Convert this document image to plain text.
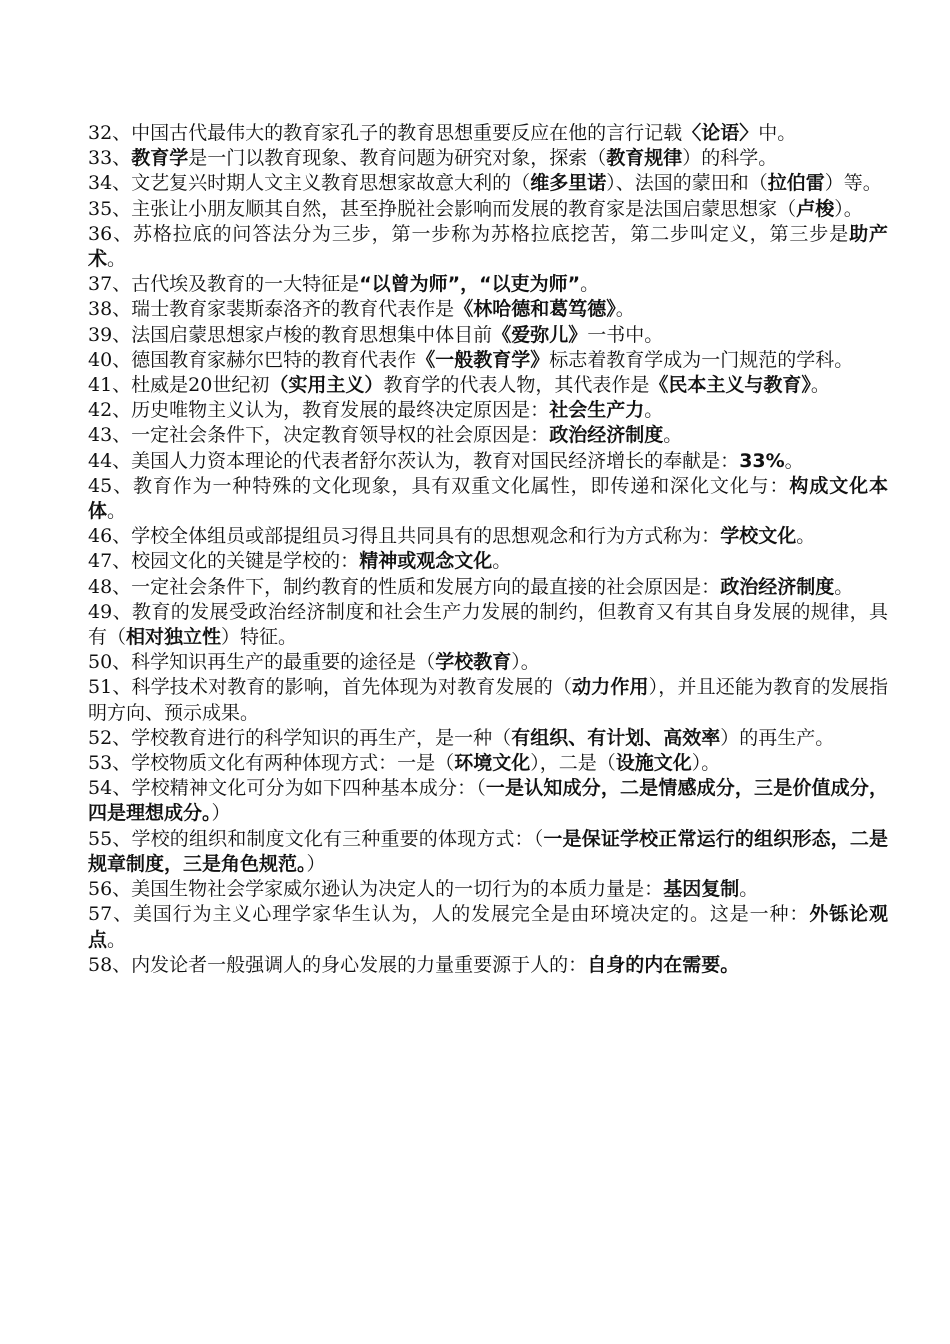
32、中国古代最伟大的教育家孔子的教育思想重要反应在他的言行记载〈论语〉中。

33、教育学是一门以教育现象、教育问题为研究对象，探索（教育规律）的科学。

34、文艺复兴时期人文主义教育思想家故意大利的（维多里诺）、法国的蒙田和（拉伯雷）等。

35、主张让小朋友顺其自然，甚至挣脱社会影响而发展的教育家是法国启蒙思想家（卢梭）。

36、苏格拉底的问答法分为三步，第一步称为苏格拉底挖苦，第二步叫定义，第三步是助产术。

37、古代埃及教育的一大特征是“以曾为师”，“以吏为师”。

38、瑞士教育家裴斯泰洛齐的教育代表作是《林哈德和葛笃德》。

39、法国启蒙思想家卢梭的教育思想集中体目前《爱弥儿》一书中。

40、德国教育家赫尔巴特的教育代表作《一般教育学》标志着教育学成为一门规范的学科。

41、杜威是20世纪初（实用主义）教育学的代表人物，其代表作是《民本主义与教育》。

42、历史唯物主义认为，教育发展的最终决定原因是：社会生产力。

43、一定社会条件下，决定教育领导权的社会原因是：政治经济制度。

44、美国人力资本理论的代表者舒尔茨认为，教育对国民经济增长的奉献是：33%。

45、教育作为一种特殊的文化现象，具有双重文化属性，即传递和深化文化与：构成文化本体。

46、学校全体组员或部提组员习得且共同具有的思想观念和行为方式称为：学校文化。

47、校园文化的关键是学校的：精神或观念文化。

48、一定社会条件下，制约教育的性质和发展方向的最直接的社会原因是：政治经济制度。

49、教育的发展受政治经济制度和社会生产力发展的制约，但教育又有其自身发展的规律，具有（相对独立性）特征。

50、科学知识再生产的最重要的途径是（学校教育）。

51、科学技术对教育的影响，首先体现为对教育发展的（动力作用），并且还能为教育的发展指明方向、预示成果。

52、学校教育进行的科学知识的再生产，是一种（有组织、有计划、高效率）的再生产。

53、学校物质文化有两种体现方式：一是（环境文化），二是（设施文化）。

54、学校精神文化可分为如下四种基本成分：（一是认知成分，二是情感成分，三是价值成分，四是理想成分。）

55、学校的组织和制度文化有三种重要的体现方式：（一是保证学校正常运行的组织形态，二是规章制度，三是角色规范。）

56、美国生物社会学家威尔逊认为决定人的一切行为的本质力量是：基因复制。

57、美国行为主义心理学家华生认为，人的发展完全是由环境决定的。这是一种：外铄论观点。

58、内发论者一般强调人的身心发展的力量重要源于人的：自身的内在需要。
